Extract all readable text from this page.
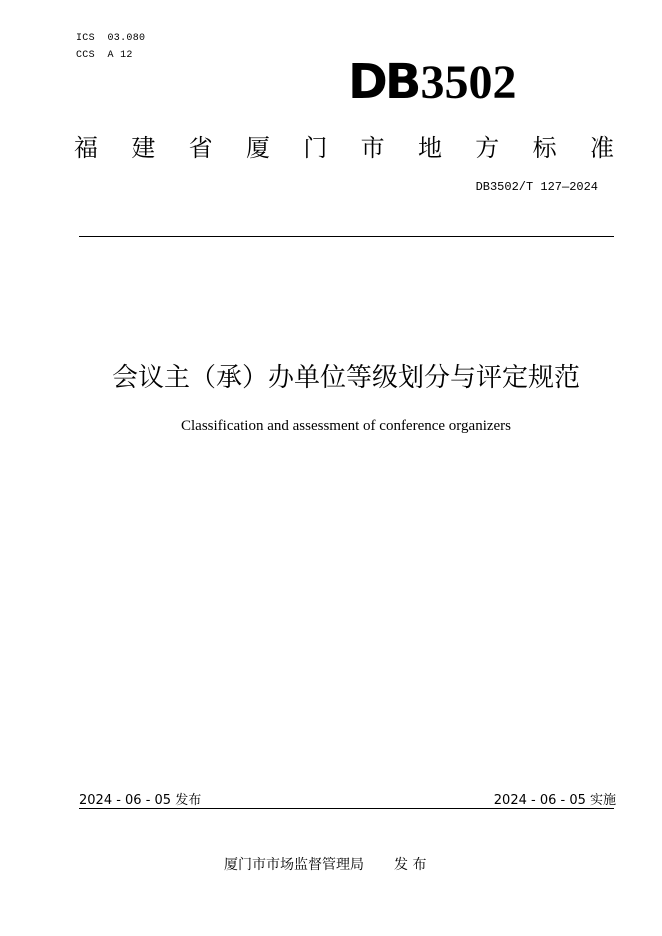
ICS  03.080
CCS  A 12	DB3502
福 建 省 厦 门 市 地 方 标 准
DB3502/T 127—2024
会议主（承）办单位等级划分与评定规范
Classification and assessment of conference organizers
2024 - 06 - 05 发布	2024 - 06 - 05 实施
厦门市市场监督管理局 发 布
